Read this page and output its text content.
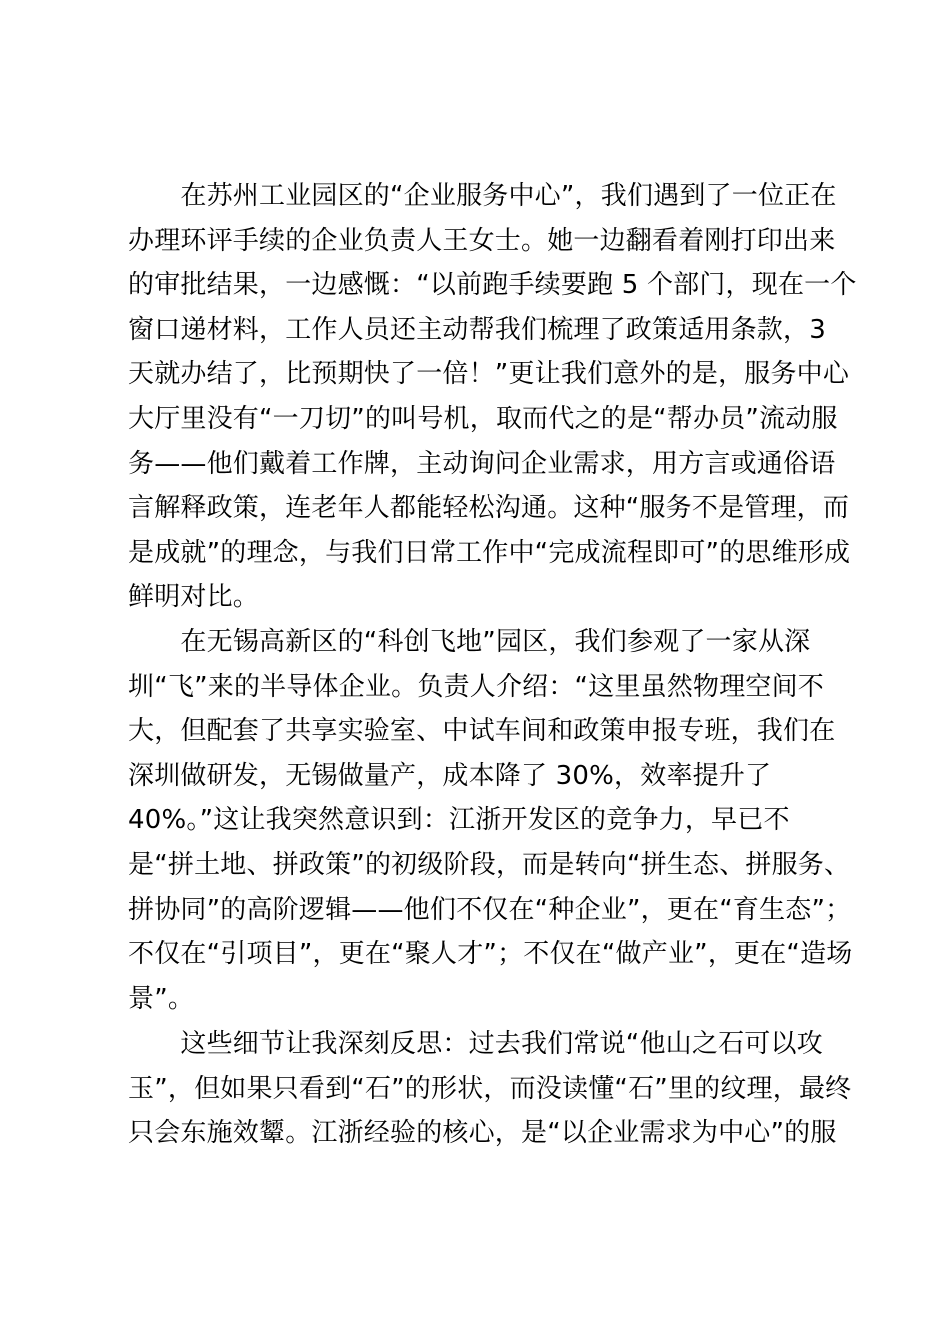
　　在苏州工业园区的“企业服务中心”，我们遇到了一位正在
办理环评手续的企业负责人王女士。她一边翻看着刚打印出来
的审批结果，一边感慨：“以前跑手续要跑 5 个部门，现在一个
窗口递材料，工作人员还主动帮我们梳理了政策适用条款，3
天就办结了，比预期快了一倍！”更让我们意外的是，服务中心
大厅里没有“一刀切”的叫号机，取而代之的是“帮办员”流动服
务——他们戴着工作牌，主动询问企业需求，用方言或通俗语
言解释政策，连老年人都能轻松沟通。这种“服务不是管理，而
是成就”的理念，与我们日常工作中“完成流程即可”的思维形成
鲜明对比。
　　在无锡高新区的“科创飞地”园区，我们参观了一家从深
圳“飞”来的半导体企业。负责人介绍：“这里虽然物理空间不
大，但配套了共享实验室、中试车间和政策申报专班，我们在
深圳做研发，无锡做量产，成本降了 30%，效率提升了
40%。”这让我突然意识到：江浙开发区的竞争力，早已不
是“拼土地、拼政策”的初级阶段，而是转向“拼生态、拼服务、
拼协同”的高阶逻辑——他们不仅在“种企业”，更在“育生态”；
不仅在“引项目”，更在“聚人才”；不仅在“做产业”，更在“造场
景”。
　　这些细节让我深刻反思：过去我们常说“他山之石可以攻
玉”，但如果只看到“石”的形状，而没读懂“石”里的纹理，最终
只会东施效颦。江浙经验的核心，是“以企业需求为中心”的服
